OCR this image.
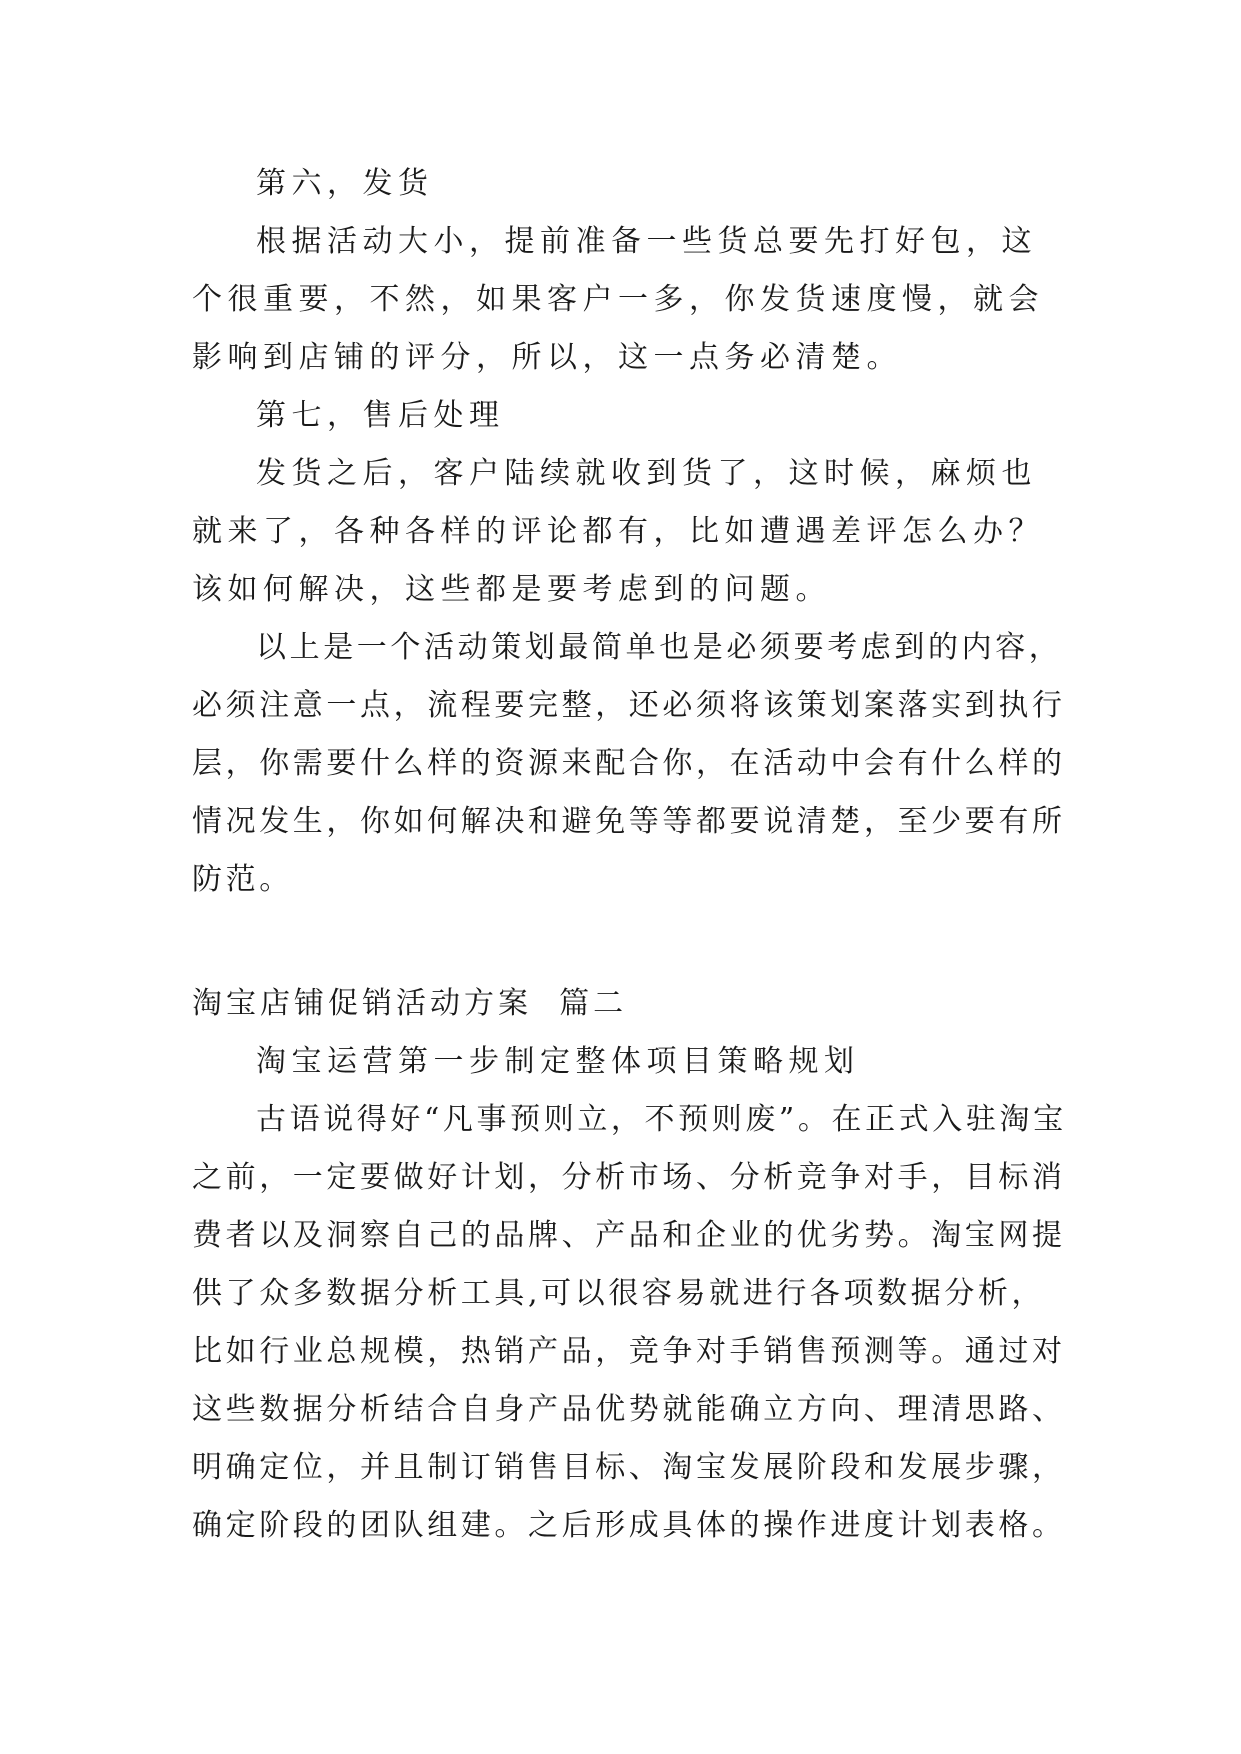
第六，发货

根据活动大小，提前准备一些货总要先打好包，这个很重要，不然，如果客户一多，你发货速度慢，就会影响到店铺的评分，所以，这一点务必清楚。

第七，售后处理

发货之后，客户陆续就收到货了，这时候，麻烦也就来了，各种各样的评论都有，比如遭遇差评怎么办？该如何解决，这些都是要考虑到的问题。

以上是一个活动策划最简单也是必须要考虑到的内容，必须注意一点，流程要完整，还必须将该策划案落实到执行层，你需要什么样的资源来配合你，在活动中会有什么样的情况发生，你如何解决和避免等等都要说清楚，至少要有所防范。

淘宝店铺促销活动方案  篇二

淘宝运营第一步制定整体项目策略规划

古语说得好“凡事预则立，不预则废”。在正式入驻淘宝之前，一定要做好计划，分析市场、分析竞争对手，目标消费者以及洞察自己的品牌、产品和企业的优劣势。淘宝网提供了众多数据分析工具,可以很容易就进行各项数据分析，比如行业总规模，热销产品，竞争对手销售预测等。通过对这些数据分析结合自身产品优势就能确立方向、理清思路、明确定位，并且制订销售目标、淘宝发展阶段和发展步骤，确定阶段的团队组建。之后形成具体的操作进度计划表格。
